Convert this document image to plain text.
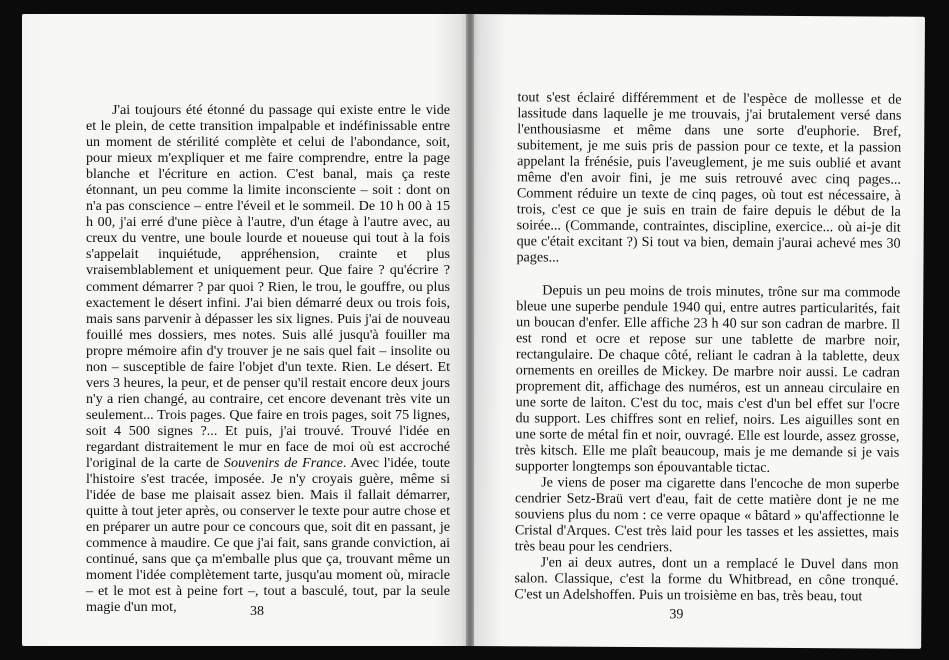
J'ai toujours été étonné du passage qui existe entre le vide et le plein, de cette transition impalpable et indéfinissable entre un moment de stérilité complète et celui de l'abondance, soit, pour mieux m'expliquer et me faire comprendre, entre la page blanche et l'écriture en action. C'est banal, mais ça reste étonnant, un peu comme la limite inconsciente – soit : dont on n'a pas conscience – entre l'éveil et le sommeil. De 10 h 00 à 15 h 00, j'ai erré d'une pièce à l'autre, d'un étage à l'autre avec, au creux du ventre, une boule lourde et noueuse qui tout à la fois s'appelait inquiétude, appréhension, crainte et plus vraisemblablement et uniquement peur. Que faire ? qu'écrire ? comment démarrer ? par quoi ? Rien, le trou, le gouffre, ou plus exactement le désert infini. J'ai bien démarré deux ou trois fois, mais sans parvenir à dépasser les six lignes. Puis j'ai de nouveau fouillé mes dossiers, mes notes. Suis allé jusqu'à fouiller ma propre mémoire afin d'y trouver je ne sais quel fait – insolite ou non – susceptible de faire l'objet d'un texte. Rien. Le désert. Et vers 3 heures, la peur, et de penser qu'il restait encore deux jours n'y a rien changé, au contraire, cet encore devenant très vite un seulement... Trois pages. Que faire en trois pages, soit 75 lignes, soit 4 500 signes ?... Et puis, j'ai trouvé. Trouvé l'idée en regardant distraitement le mur en face de moi où est accroché l'original de la carte de Souvenirs de France. Avec l'idée, toute l'histoire s'est tracée, imposée. Je n'y croyais guère, même si l'idée de base me plaisait assez bien. Mais il fallait démarrer, quitte à tout jeter après, ou conserver le texte pour autre chose et en préparer un autre pour ce concours que, soit dit en passant, je commence à maudire. Ce que j'ai fait, sans grande conviction, ai continué, sans que ça m'emballe plus que ça, trouvant même un moment l'idée complètement tarte, jusqu'au moment où, miracle – et le mot est à peine fort –, tout a basculé, tout, par la seule magie d'un mot,	38

tout s'est éclairé différemment et de l'espèce de mollesse et de lassitude dans laquelle je me trouvais, j'ai brutalement versé dans l'enthousiasme et même dans une sorte d'euphorie. Bref, subitement, je me suis pris de passion pour ce texte, et la passion appelant la frénésie, puis l'aveuglement, je me suis oublié et avant même d'en avoir fini, je me suis retrouvé avec cinq pages... Comment réduire un texte de cinq pages, où tout est nécessaire, à trois, c'est ce que je suis en train de faire depuis le début de la soirée... (Commande, contraintes, discipline, exercice... où ai-je dit que c'était excitant ?) Si tout va bien, demain j'aurai achevé mes 30 pages...

Depuis un peu moins de trois minutes, trône sur ma commode bleue une superbe pendule 1940 qui, entre autres particularités, fait un boucan d'enfer. Elle affiche 23 h 40 sur son cadran de marbre. Il est rond et ocre et repose sur une tablette de marbre noir, rectangulaire. De chaque côté, reliant le cadran à la tablette, deux ornements en oreilles de Mickey. De marbre noir aussi. Le cadran proprement dit, affichage des numéros, est un anneau circulaire en une sorte de laiton. C'est du toc, mais c'est d'un bel effet sur l'ocre du support. Les chiffres sont en relief, noirs. Les aiguilles sont en une sorte de métal fin et noir, ouvragé. Elle est lourde, assez grosse, très kitsch. Elle me plaît beaucoup, mais je me demande si je vais supporter longtemps son épouvantable tictac.

Je viens de poser ma cigarette dans l'encoche de mon superbe cendrier Setz-Braü vert d'eau, fait de cette matière dont je ne me souviens plus du nom : ce verre opaque « bâtard » qu'affectionne le Cristal d'Arques. C'est très laid pour les tasses et les assiettes, mais très beau pour les cendriers.

J'en ai deux autres, dont un a remplacé le Duvel dans mon salon. Classique, c'est la forme du Whitbread, en cône tronqué. C'est un Adelshoffen. Puis un troisième en bas, très beau, tout

39
